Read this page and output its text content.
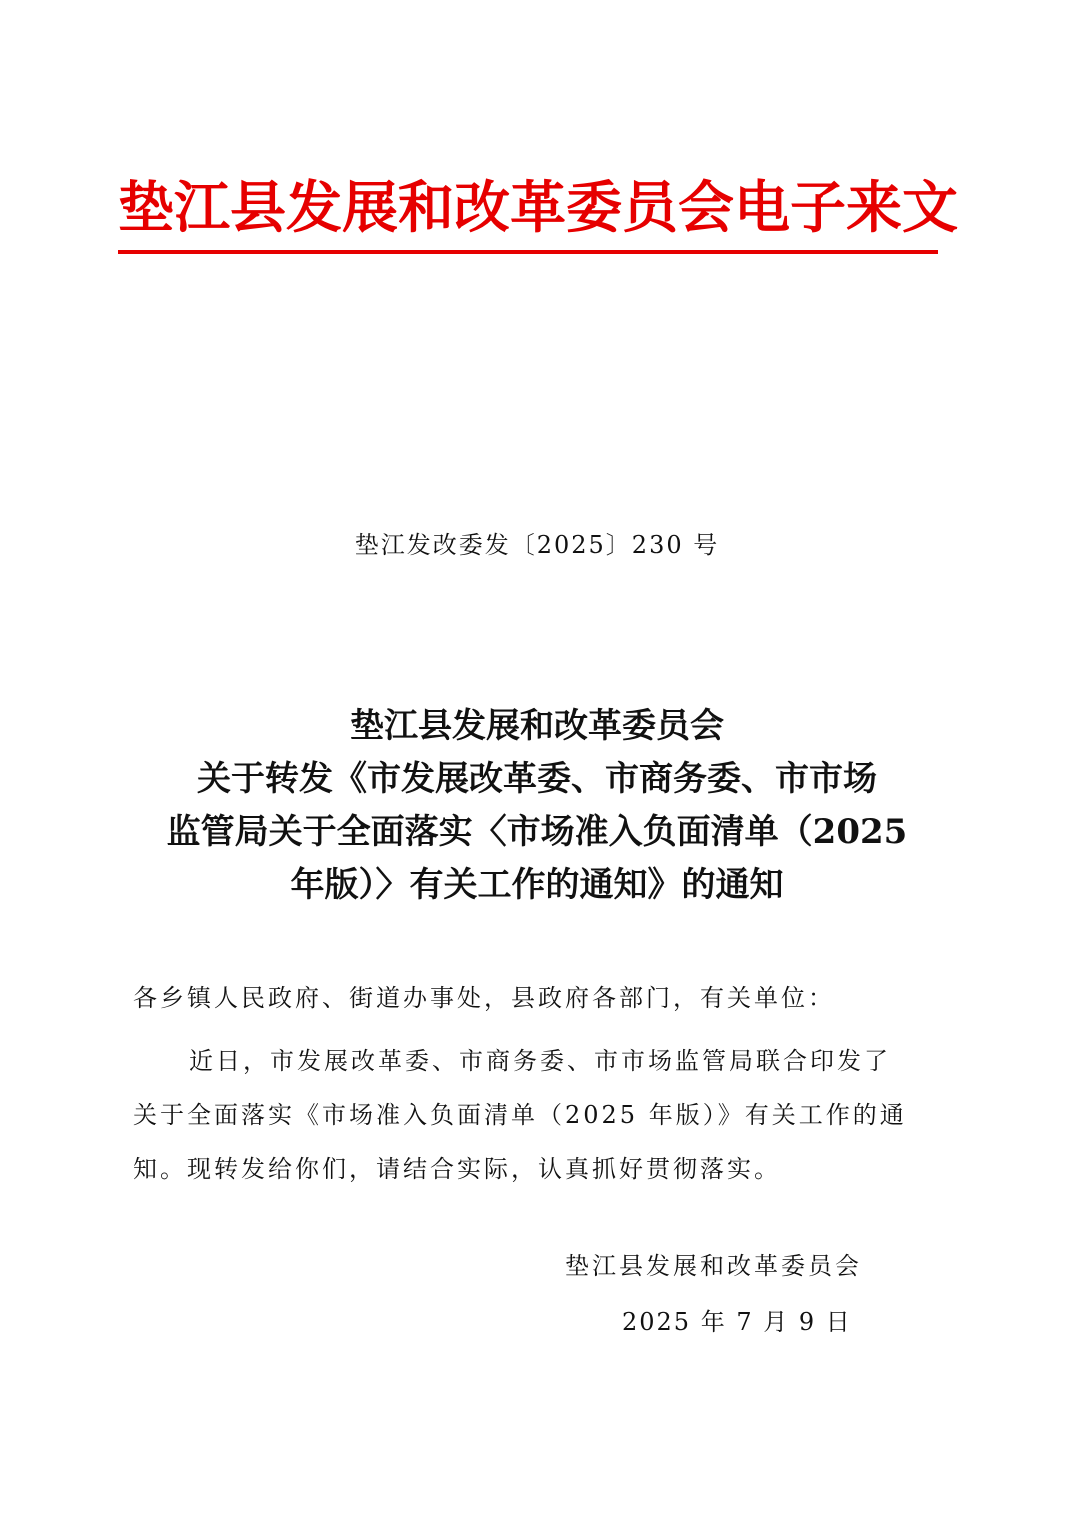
垫江县发展和改革委员会电子来文
垫江发改委发〔2025〕230 号
垫江县发展和改革委员会
关于转发《市发展改革委、市商务委、市市场
监管局关于全面落实〈市场准入负面清单（2025
年版）〉有关工作的通知》的通知
各乡镇人民政府、街道办事处，县政府各部门，有关单位：
近日，市发展改革委、市商务委、市市场监管局联合印发了
关于全面落实《市场准入负面清单（2025 年版）》有关工作的通
知。现转发给你们，请结合实际，认真抓好贯彻落实。
垫江县发展和改革委员会
2025 年 7 月 9 日
